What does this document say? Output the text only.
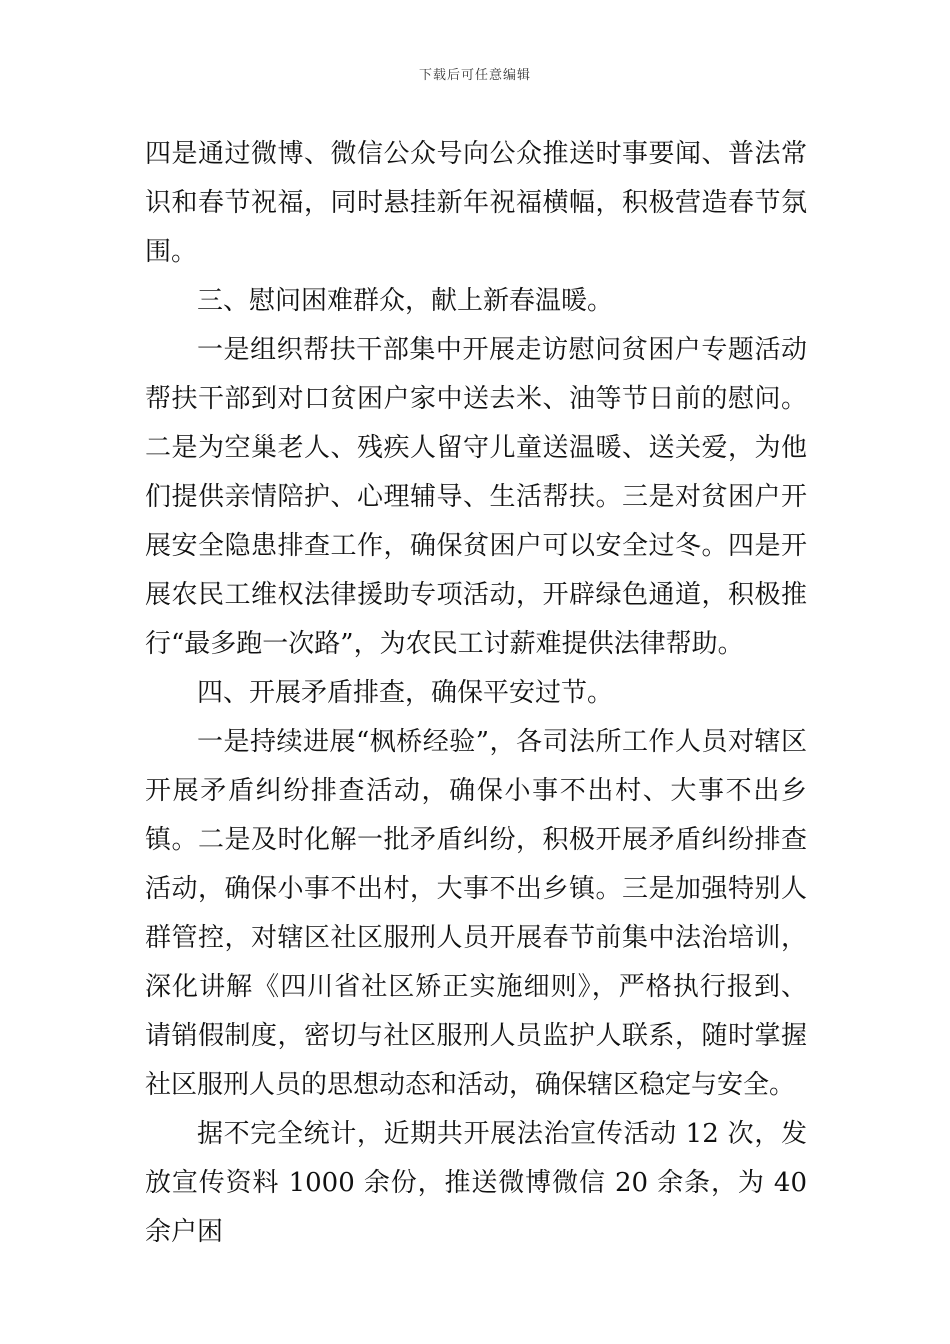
下载后可任意编辑

四是通过微博、微信公众号向公众推送时事要闻、普法常识和春节祝福，同时悬挂新年祝福横幅，积极营造春节氛围。

三、慰问困难群众，献上新春温暖。

一是组织帮扶干部集中开展走访慰问贫困户专题活动帮扶干部到对口贫困户家中送去米、油等节日前的慰问。二是为空巢老人、残疾人留守儿童送温暖、送关爱，为他们提供亲情陪护、心理辅导、生活帮扶。三是对贫困户开展安全隐患排查工作，确保贫困户可以安全过冬。四是开展农民工维权法律援助专项活动，开辟绿色通道，积极推行“最多跑一次路”，为农民工讨薪难提供法律帮助。

四、开展矛盾排查，确保平安过节。

一是持续进展“枫桥经验”，各司法所工作人员对辖区开展矛盾纠纷排查活动，确保小事不出村、大事不出乡镇。二是及时化解一批矛盾纠纷，积极开展矛盾纠纷排查活动，确保小事不出村，大事不出乡镇。三是加强特别人群管控，对辖区社区服刑人员开展春节前集中法治培训，深化讲解《四川省社区矫正实施细则》，严格执行报到、请销假制度，密切与社区服刑人员监护人联系，随时掌握社区服刑人员的思想动态和活动，确保辖区稳定与安全。

据不完全统计，近期共开展法治宣传活动 12 次，发放宣传资料 1000 余份，推送微博微信 20 余条，为 40 余户困
